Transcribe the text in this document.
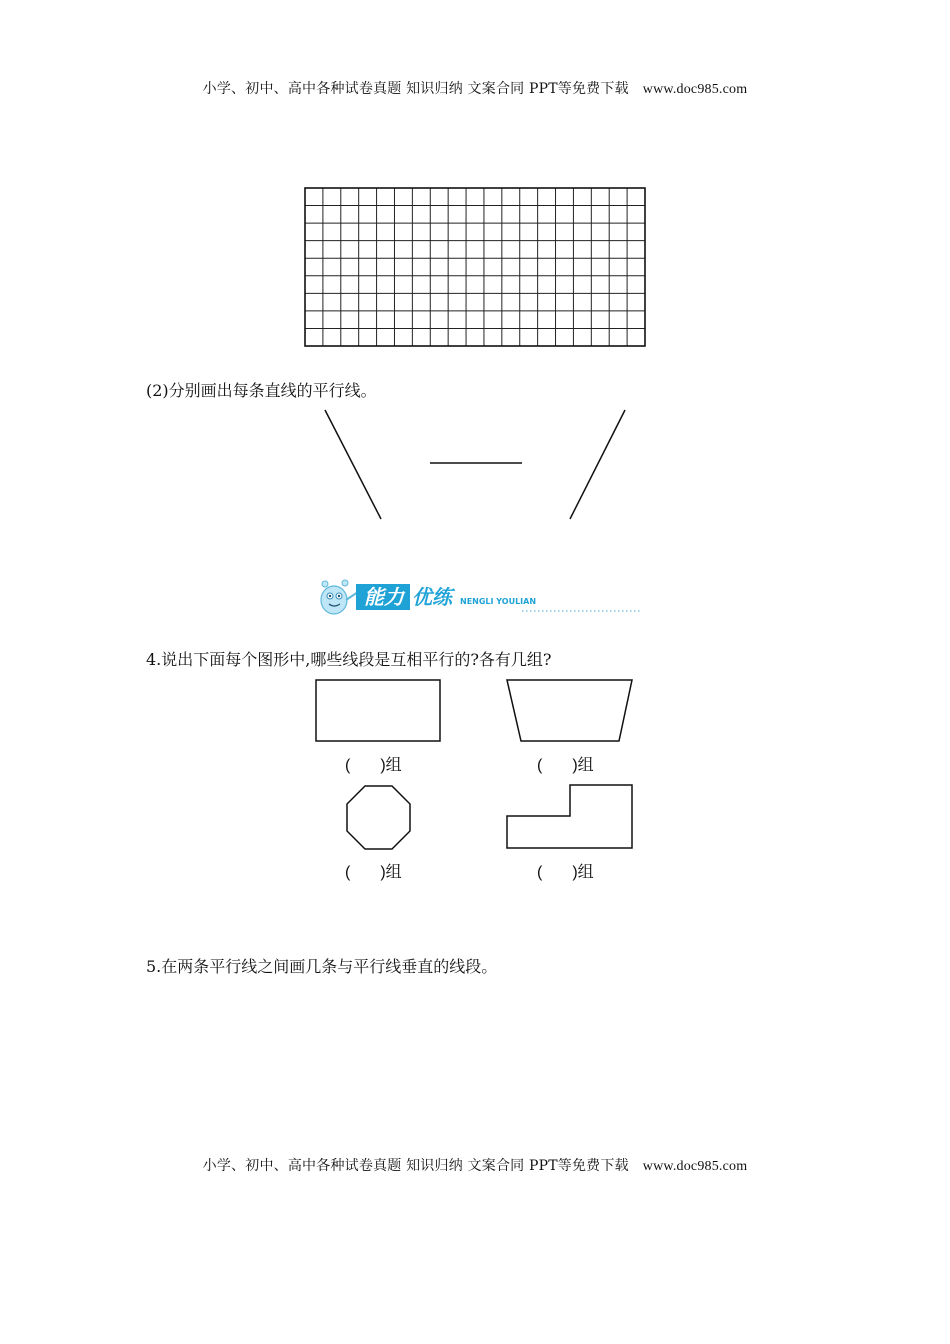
小学、初中、高中各种试卷真题 知识归纳 文案合同 PPT等免费下载 www.doc985.com
(2)分别画出每条直线的平行线。
能力 优练 NENGLI YOULIAN
4.说出下面每个图形中,哪些线段是互相平行的?各有几组?
( )组	( )组
( )组	( )组
5.在两条平行线之间画几条与平行线垂直的线段。
小学、初中、高中各种试卷真题 知识归纳 文案合同 PPT等免费下载 www.doc985.com
